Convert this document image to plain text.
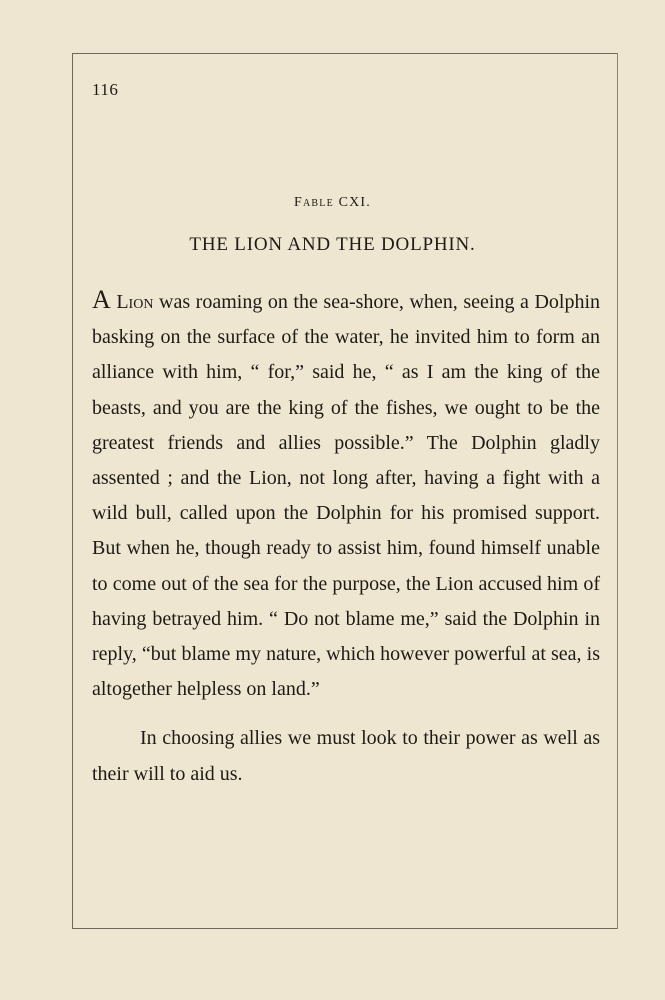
116
Fable CXI.
THE LION AND THE DOLPHIN.

A Lion was roaming on the sea-shore, when, seeing a Dolphin basking on the surface of the water, he invited him to form an alliance with him, “ for,” said he, “ as I am the king of the beasts, and you are the king of the fishes, we ought to be the greatest friends and allies possible.” The Dolphin gladly assented ; and the Lion, not long after, having a fight with a wild bull, called upon the Dolphin for his promised support. But when he, though ready to assist him, found himself unable to come out of the sea for the purpose, the Lion accused him of having betrayed him. “ Do not blame me,” said the Dolphin in reply, “but blame my nature, which however powerful at sea, is altogether helpless on land.”

In choosing allies we must look to their power as well as their will to aid us.
